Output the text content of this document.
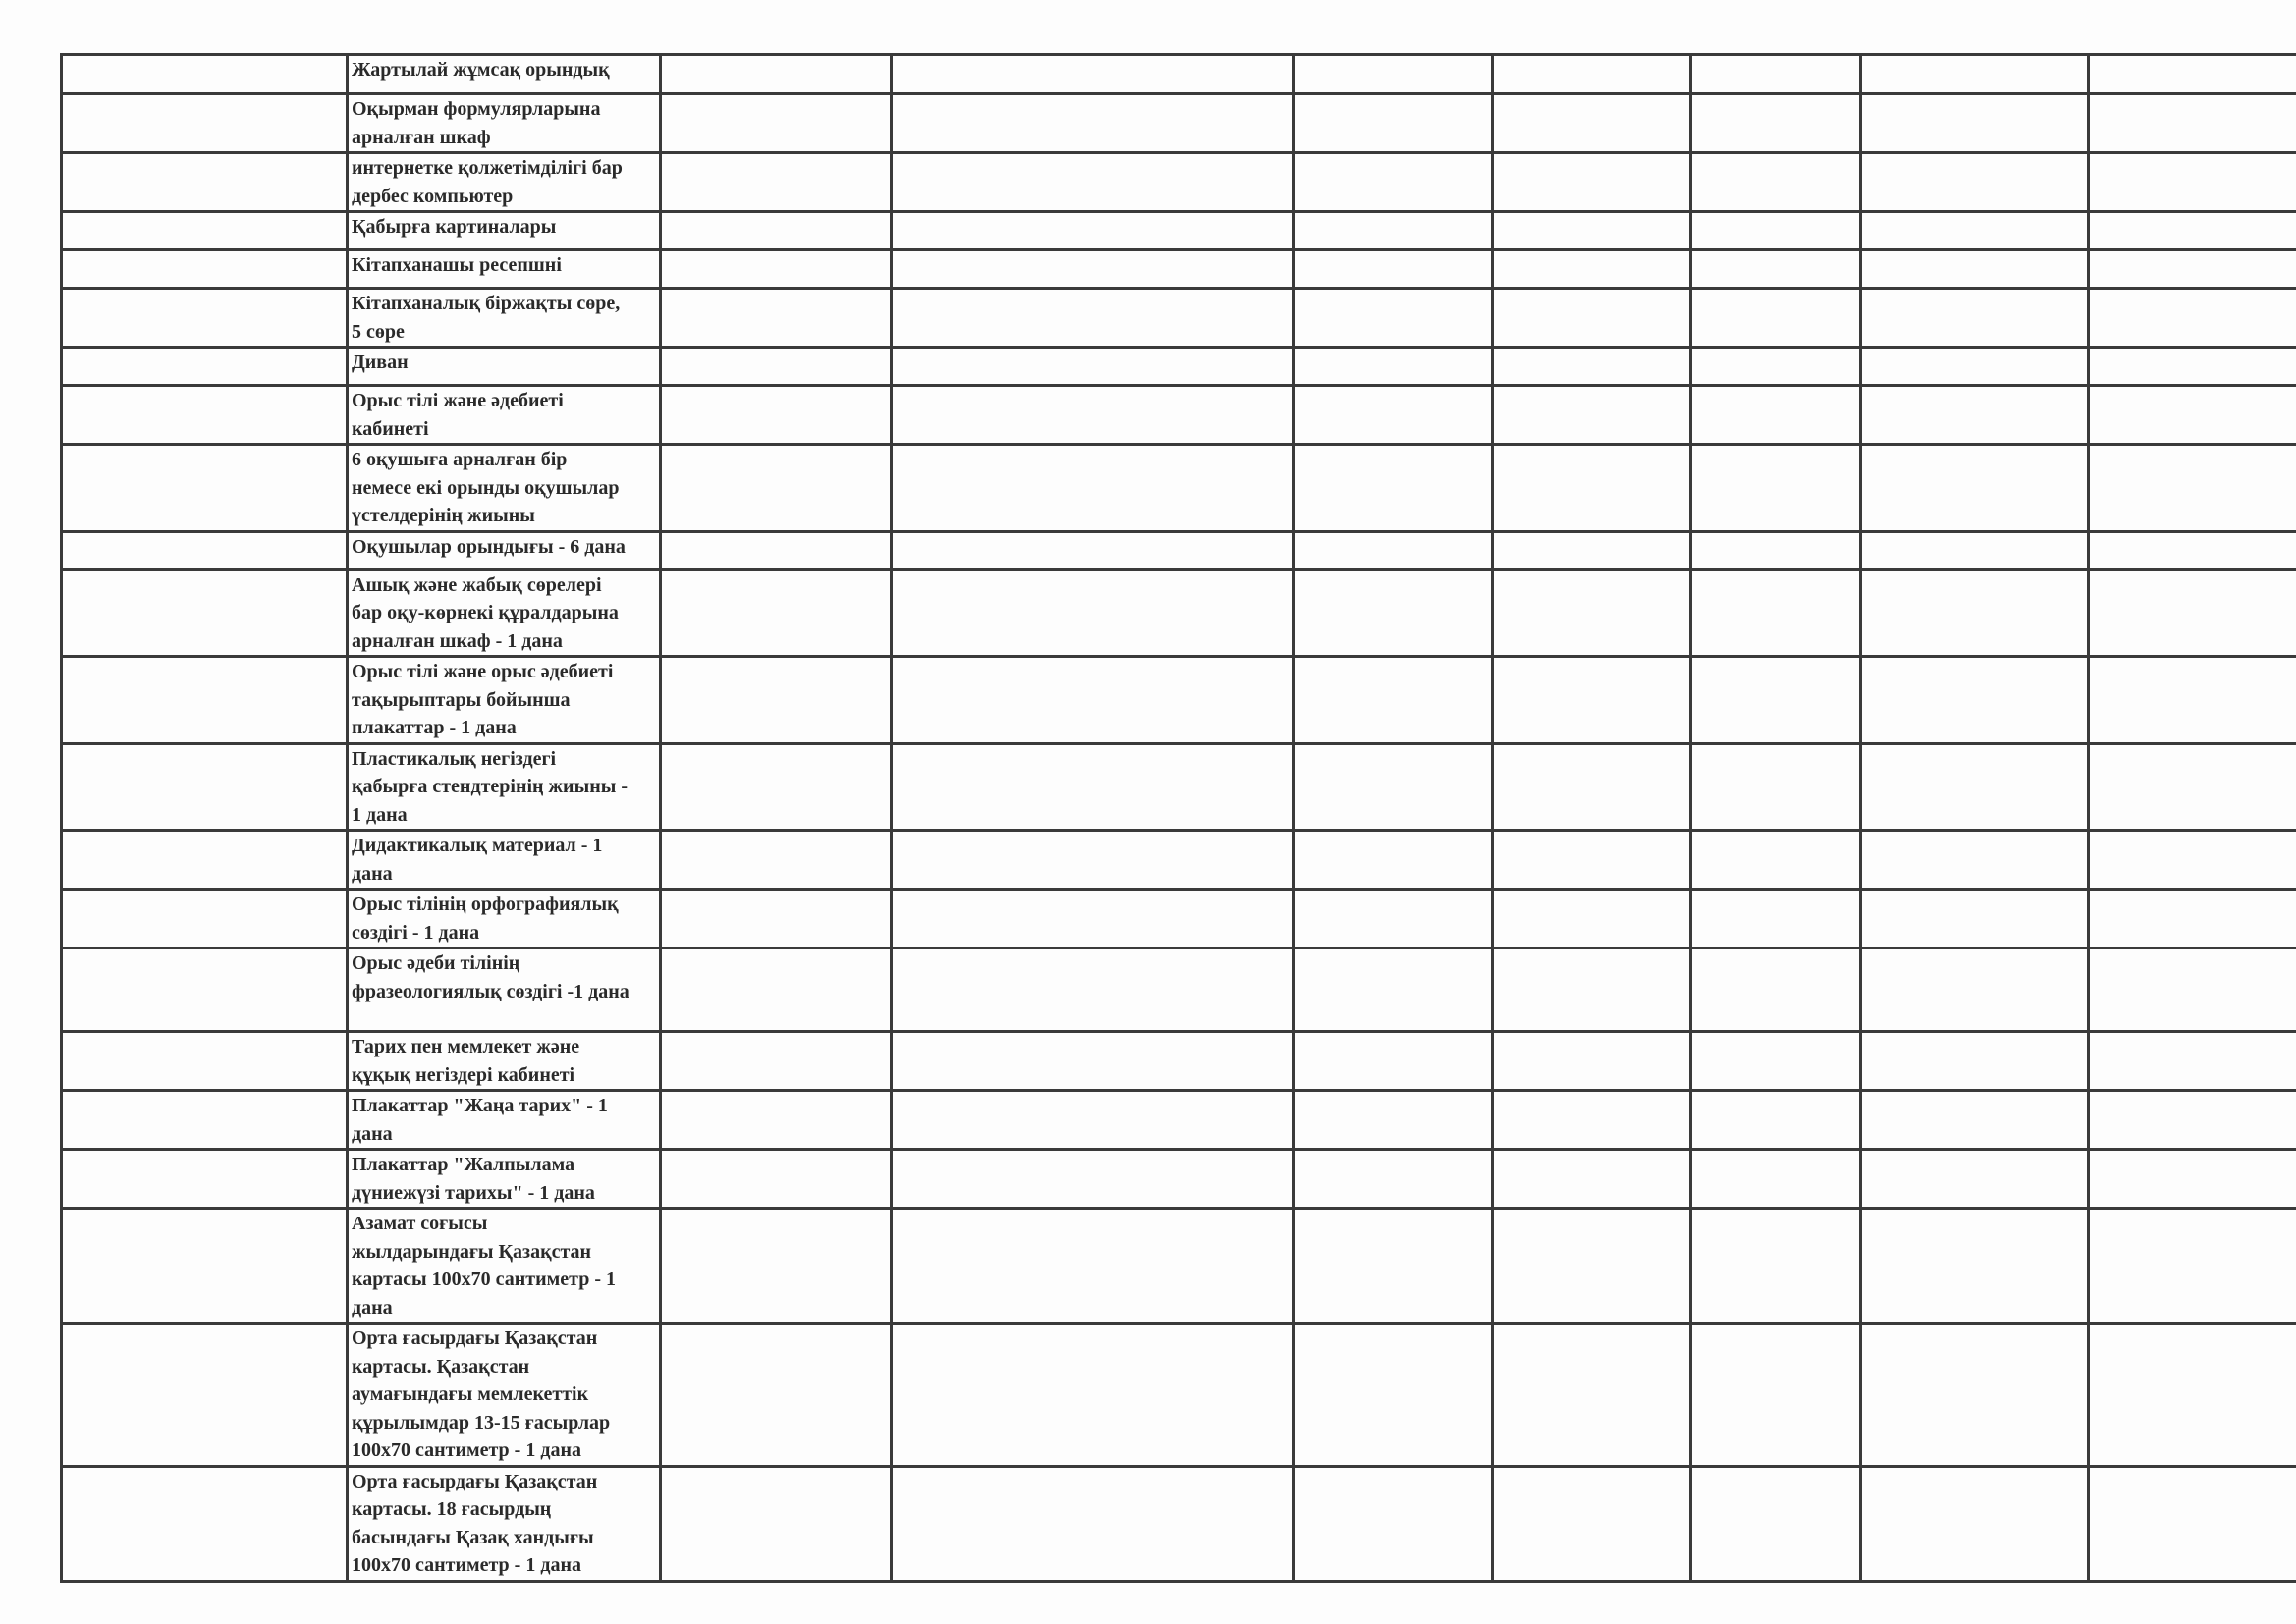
	Жартылай жұмсақ орындық							
	Оқырман формулярларына
арналған шкаф							
	интернетке қолжетімділігі бар
дербес компьютер							
	Қабырға картиналары							
	Кітапханашы ресепшні							
	Кітапханалық біржақты сөре,
5 сөре							
	Диван							
	Орыс тілі және әдебиеті
кабинеті							
	6 оқушыға арналған бір
немесе екі орынды оқушылар
үстелдерінің жиыны							
	Оқушылар орындығы - 6 дана							
	Ашық және жабық сөрелері
бар оқу-көрнекі құралдарына
арналған шкаф - 1 дана							
	Орыс тілі және орыс әдебиеті
тақырыптары бойынша
плакаттар - 1 дана							
	Пластикалық негіздегі
қабырға стендтерінің жиыны -
1 дана							
	Дидактикалық материал - 1
дана							
	Орыс тілінің орфографиялық
сөздігі - 1 дана							
	Орыс әдеби тілінің
фразеологиялық сөздігі -1 дана							
	Тарих пен мемлекет және
құқық негіздері кабинеті							
	Плакаттар "Жаңа тарих" - 1
дана							
	Плакаттар "Жалпылама
дүниежүзі тарихы" - 1 дана							
	Азамат соғысы
жылдарындағы Қазақстан
картасы 100х70 сантиметр - 1
дана							
	Орта ғасырдағы Қазақстан
картасы. Қазақстан
аумағындағы мемлекеттік
құрылымдар 13-15 ғасырлар
100х70 сантиметр - 1 дана							
	Орта ғасырдағы Қазақстан
картасы. 18 ғасырдың
басындағы Қазақ хандығы
100х70 сантиметр - 1 дана							
